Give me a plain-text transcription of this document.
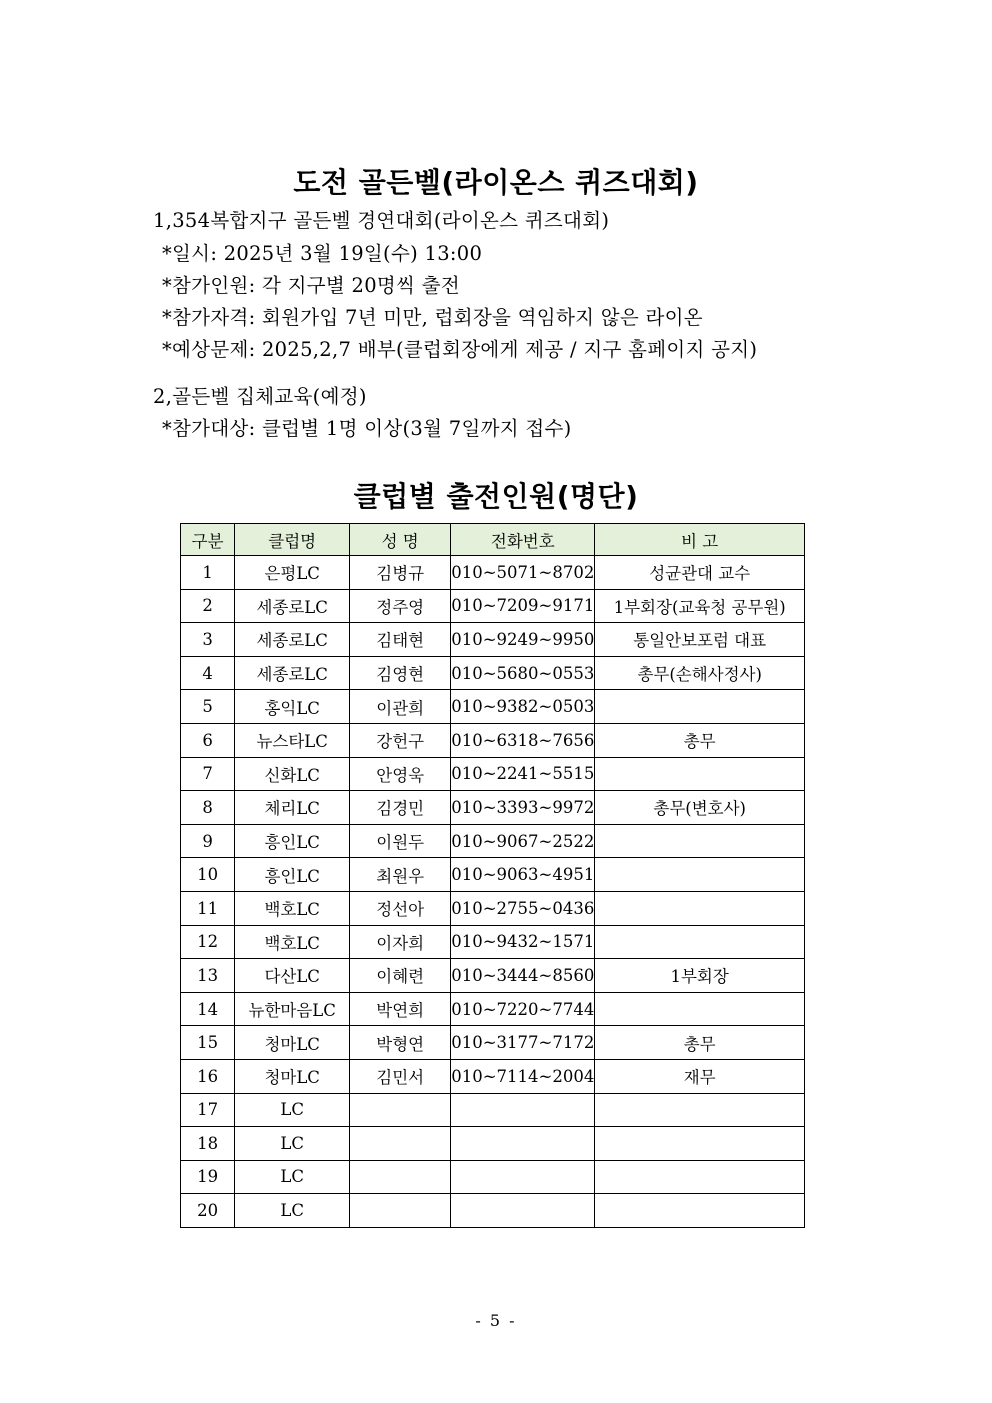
도전 골든벨(라이온스 퀴즈대회)
1,354복합지구 골든벨 경연대회(라이온스 퀴즈대회)
*일시: 2025년 3월 19일(수) 13:00
*참가인원: 각 지구별 20명씩 출전
*참가자격: 회원가입 7년 미만, 럽회장을 역임하지 않은 라이온
*예상문제: 2025,2,7 배부(클럽회장에게 제공 / 지구 홈페이지 공지)
2,골든벨 집체교육(예정)
*참가대상: 클럽별 1명 이상(3월 7일까지 접수)
클럽별 출전인원(명단)
구분	클럽명	성 명	전화번호	비 고
1	은평LC	김병규	010~5071~8702	성균관대 교수
2	세종로LC	정주영	010~7209~9171	1부회장(교육청 공무원)
3	세종로LC	김태현	010~9249~9950	통일안보포럼 대표
4	세종로LC	김영현	010~5680~0553	총무(손해사정사)
5	홍익LC	이관희	010~9382~0503	
6	뉴스타LC	강헌구	010~6318~7656	총무
7	신화LC	안영욱	010~2241~5515	
8	체리LC	김경민	010~3393~9972	총무(변호사)
9	흥인LC	이원두	010~9067~2522	
10	흥인LC	최원우	010~9063~4951	
11	백호LC	정선아	010~2755~0436	
12	백호LC	이자희	010~9432~1571	
13	다산LC	이혜련	010~3444~8560	1부회장
14	뉴한마음LC	박연희	010~7220~7744	
15	청마LC	박형연	010~3177~7172	총무
16	청마LC	김민서	010~7114~2004	재무
17	LC			
18	LC			
19	LC			
20	LC			
- 5 -
